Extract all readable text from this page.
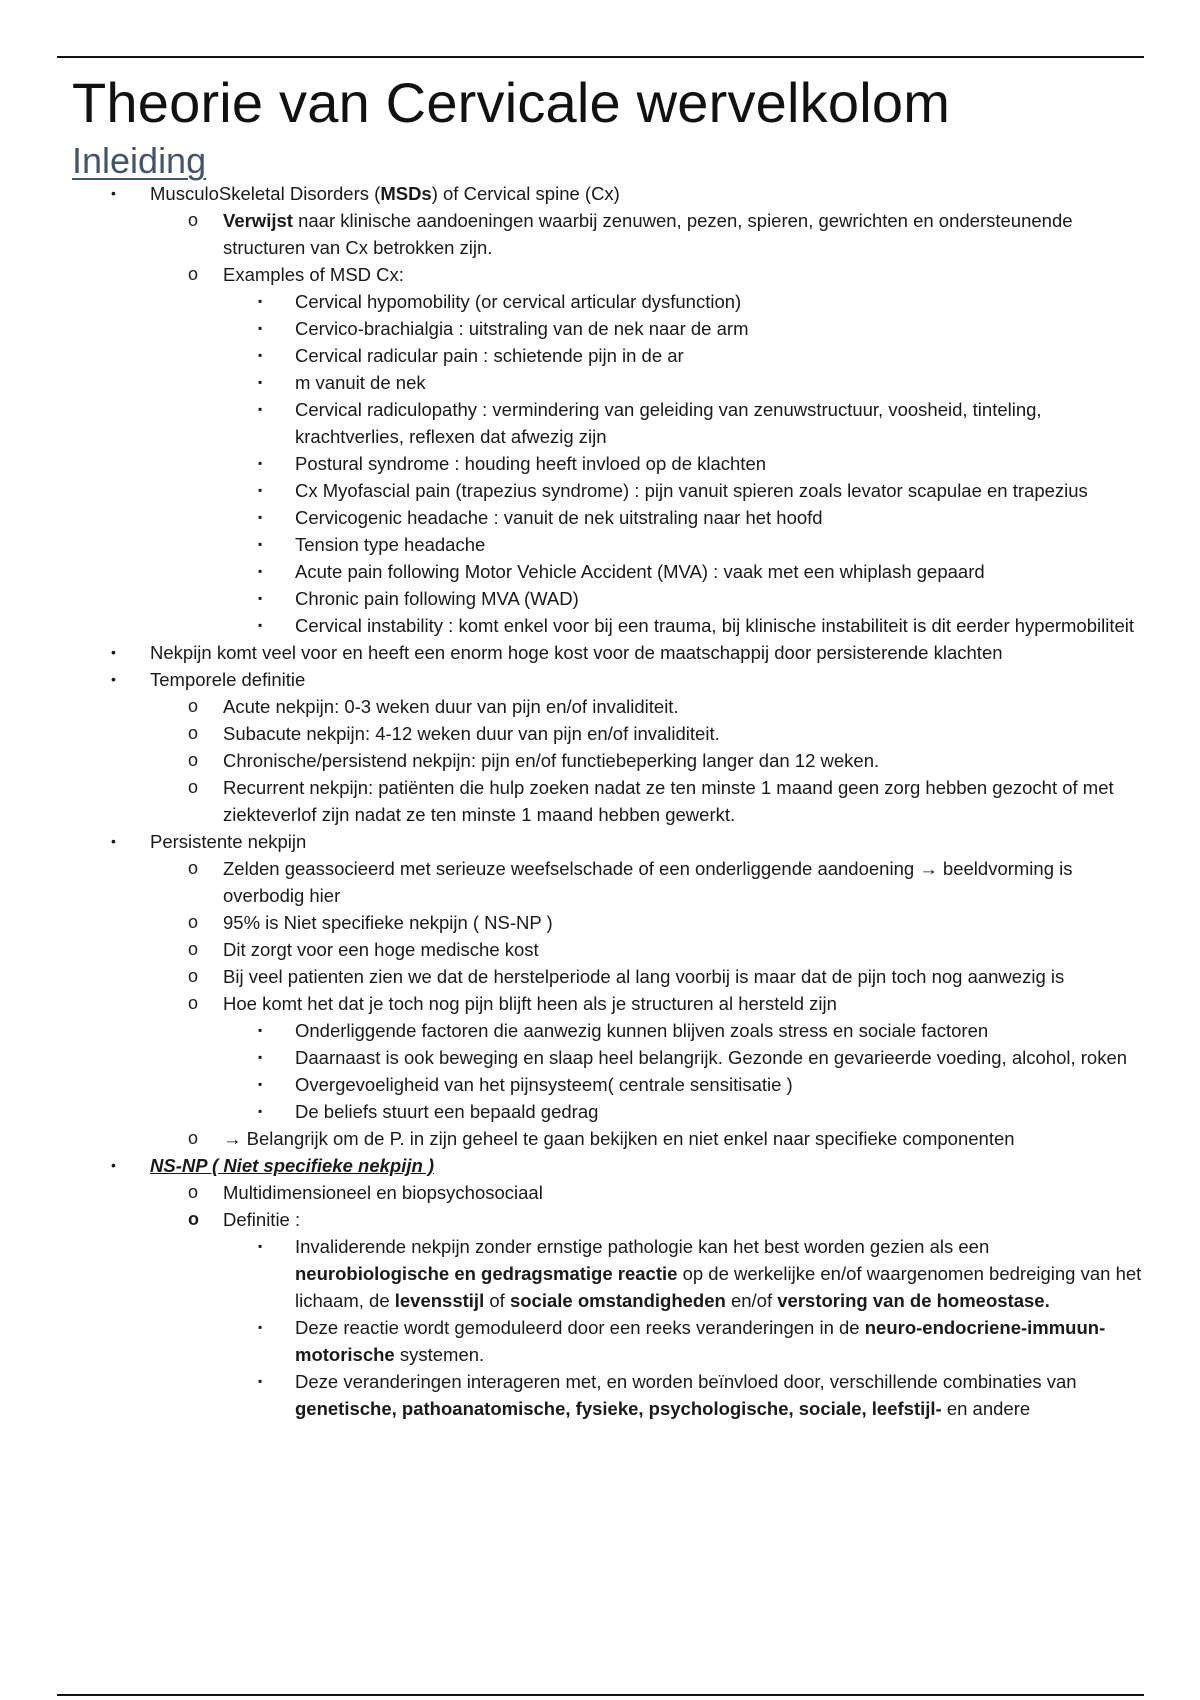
Theorie van Cervicale wervelkolom
Inleiding
• MusculoSkeletal Disorders (MSDs) of Cervical spine (Cx)
o Verwijst naar klinische aandoeningen waarbij zenuwen, pezen, spieren, gewrichten en ondersteunende structuren van Cx betrokken zijn.
o Examples of MSD Cx:
▪ Cervical hypomobility (or cervical articular dysfunction)
▪ Cervico-brachialgia : uitstraling van de nek naar de arm
▪ Cervical radicular pain : schietende pijn in de ar
▪ m vanuit de nek
▪ Cervical radiculopathy : vermindering van geleiding van zenuwstructuur, voosheid, tinteling, krachtverlies, reflexen dat afwezig zijn
▪ Postural syndrome : houding heeft invloed op de klachten
▪ Cx Myofascial pain (trapezius syndrome) : pijn vanuit spieren zoals levator scapulae en trapezius
▪ Cervicogenic headache : vanuit de nek uitstraling naar het hoofd
▪ Tension type headache
▪ Acute pain following Motor Vehicle Accident (MVA) : vaak met een whiplash gepaard
▪ Chronic pain following MVA (WAD)
▪ Cervical instability : komt enkel voor bij een trauma, bij klinische instabiliteit is dit eerder hypermobiliteit
• Nekpijn komt veel voor en heeft een enorm hoge kost voor de maatschappij door persisterende klachten
• Temporele definitie
o Acute nekpijn: 0-3 weken duur van pijn en/of invaliditeit.
o Subacute nekpijn: 4-12 weken duur van pijn en/of invaliditeit.
o Chronische/persistend nekpijn: pijn en/of functiebeperking langer dan 12 weken.
o Recurrent nekpijn: patiënten die hulp zoeken nadat ze ten minste 1 maand geen zorg hebben gezocht of met ziekteverlof zijn nadat ze ten minste 1 maand hebben gewerkt.
• Persistente nekpijn
o Zelden geassocieerd met serieuze weefselschade of een onderliggende aandoening → beeldvorming is overbodig hier
o 95% is Niet specifieke nekpijn ( NS-NP )
o Dit zorgt voor een hoge medische kost
o Bij veel patienten zien we dat de herstelperiode al lang voorbij is maar dat de pijn toch nog aanwezig is
o Hoe komt het dat je toch nog pijn blijft heen als je structuren al hersteld zijn
▪ Onderliggende factoren die aanwezig kunnen blijven zoals stress en sociale factoren
▪ Daarnaast is ook beweging en slaap heel belangrijk. Gezonde en gevarieerde voeding, alcohol, roken
▪ Overgevoeligheid van het pijnsysteem( centrale sensitisatie )
▪ De beliefs stuurt een bepaald gedrag
o → Belangrijk om de P. in zijn geheel te gaan bekijken en niet enkel naar specifieke componenten
• NS-NP ( Niet specifieke nekpijn )
o Multidimensioneel en biopsychosociaal
o Definitie :
▪ Invaliderende nekpijn zonder ernstige pathologie kan het best worden gezien als een neurobiologische en gedragsmatige reactie op de werkelijke en/of waargenomen bedreiging van het lichaam, de levensstijl of sociale omstandigheden en/of verstoring van de homeostase.
▪ Deze reactie wordt gemoduleerd door een reeks veranderingen in de neuro-endocriene-immuun-motorische systemen.
▪ Deze veranderingen interageren met, en worden beïnvloed door, verschillende combinaties van genetische, pathoanatomische, fysieke, psychologische, sociale, leefstijl- en andere
